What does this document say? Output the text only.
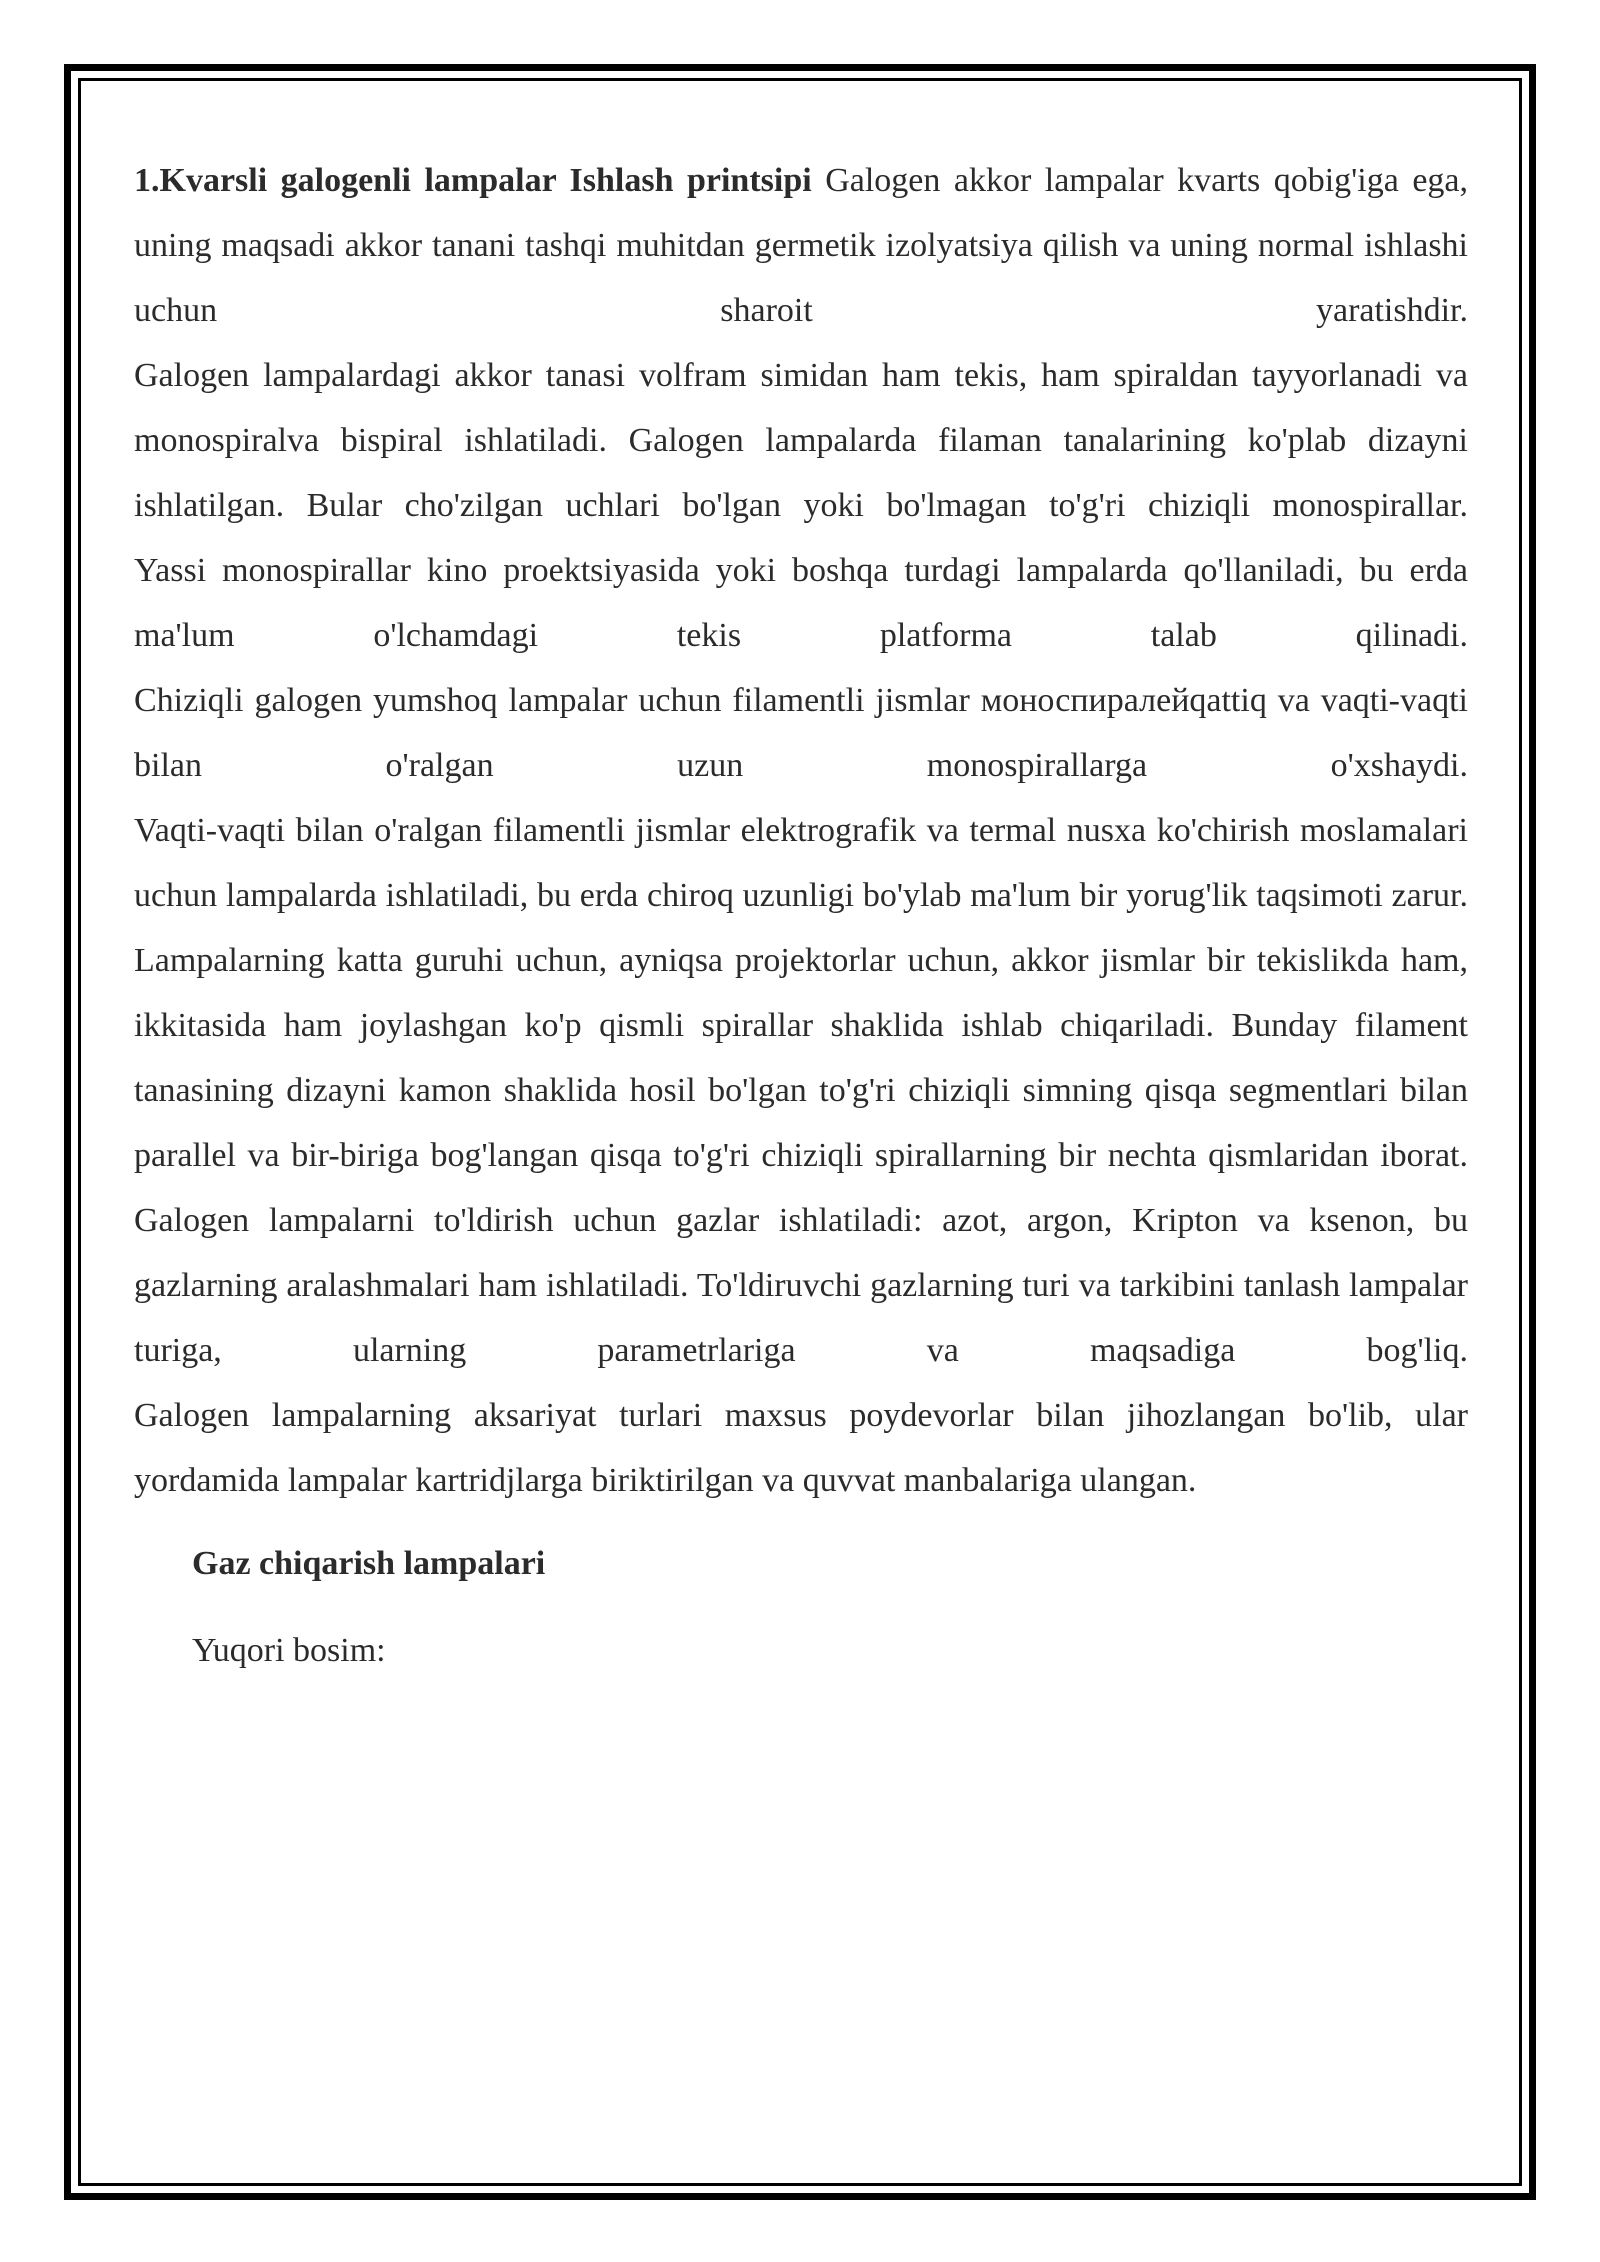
1.Kvarsli galogenli lampalar Ishlash printsipi Galogen akkor lampalar kvarts qobig'iga ega, uning maqsadi akkor tanani tashqi muhitdan germetik izolyatsiya qilish va uning normal ishlashi uchun sharoit yaratishdir.

Galogen lampalardagi akkor tanasi volfram simidan ham tekis, ham spiraldan tayyorlanadi va monospiralva bispiral ishlatiladi. Galogen lampalarda filaman tanalarining ko'plab dizayni ishlatilgan. Bular cho'zilgan uchlari bo'lgan yoki bo'lmagan to'g'ri chiziqli monospirallar.

Yassi monospirallar kino proektsiyasida yoki boshqa turdagi lampalarda qo'llaniladi, bu erda ma'lum o'lchamdagi tekis platforma talab qilinadi.

Chiziqli galogen yumshoq lampalar uchun filamentli jismlar моноспиралейqattiq va vaqti-vaqti bilan o'ralgan uzun monospirallarga o'xshaydi.

Vaqti-vaqti bilan o'ralgan filamentli jismlar elektrografik va termal nusxa ko'chirish moslamalari uchun lampalarda ishlatiladi, bu erda chiroq uzunligi bo'ylab ma'lum bir yorug'lik taqsimoti zarur.

Lampalarning katta guruhi uchun, ayniqsa projektorlar uchun, akkor jismlar bir tekislikda ham, ikkitasida ham joylashgan ko'p qismli spirallar shaklida ishlab chiqariladi. Bunday filament tanasining dizayni kamon shaklida hosil bo'lgan to'g'ri chiziqli simning qisqa segmentlari bilan parallel va bir-biriga bog'langan qisqa to'g'ri chiziqli spirallarning bir nechta qismlaridan iborat.

Galogen lampalarni to'ldirish uchun gazlar ishlatiladi: azot, argon, Kripton va ksenon, bu gazlarning aralashmalari ham ishlatiladi. To'ldiruvchi gazlarning turi va tarkibini tanlash lampalar turiga, ularning parametrlariga va maqsadiga bog'liq.

Galogen lampalarning aksariyat turlari maxsus poydevorlar bilan jihozlangan bo'lib, ular yordamida lampalar kartridjlarga biriktirilgan va quvvat manbalariga ulangan.

Gaz chiqarish lampalari
Yuqori bosim:
